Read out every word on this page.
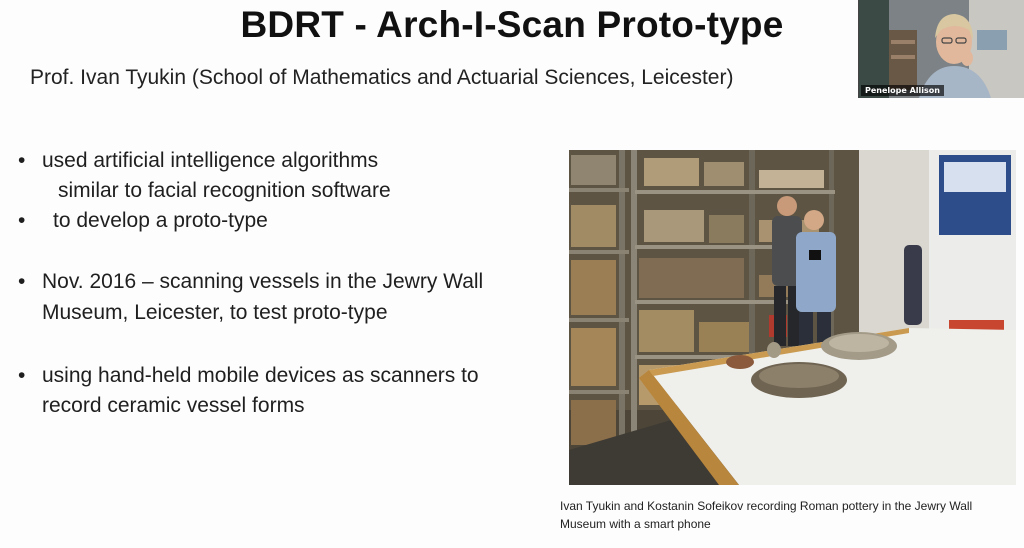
BDRT - Arch-I-Scan Proto-type
Prof. Ivan Tyukin (School of Mathematics and Actuarial Sciences, Leicester)
• used artificial intelligence algorithms
similar to facial recognition software
•	to develop a proto-type
• Nov. 2016 – scanning vessels in the Jewry Wall
Museum, Leicester, to test proto-type
• using hand-held mobile devices as scanners to
record ceramic vessel forms
Ivan Tyukin and Kostanin Sofeikov recording Roman pottery in the Jewry Wall Museum with a smart phone
Penelope Allison
